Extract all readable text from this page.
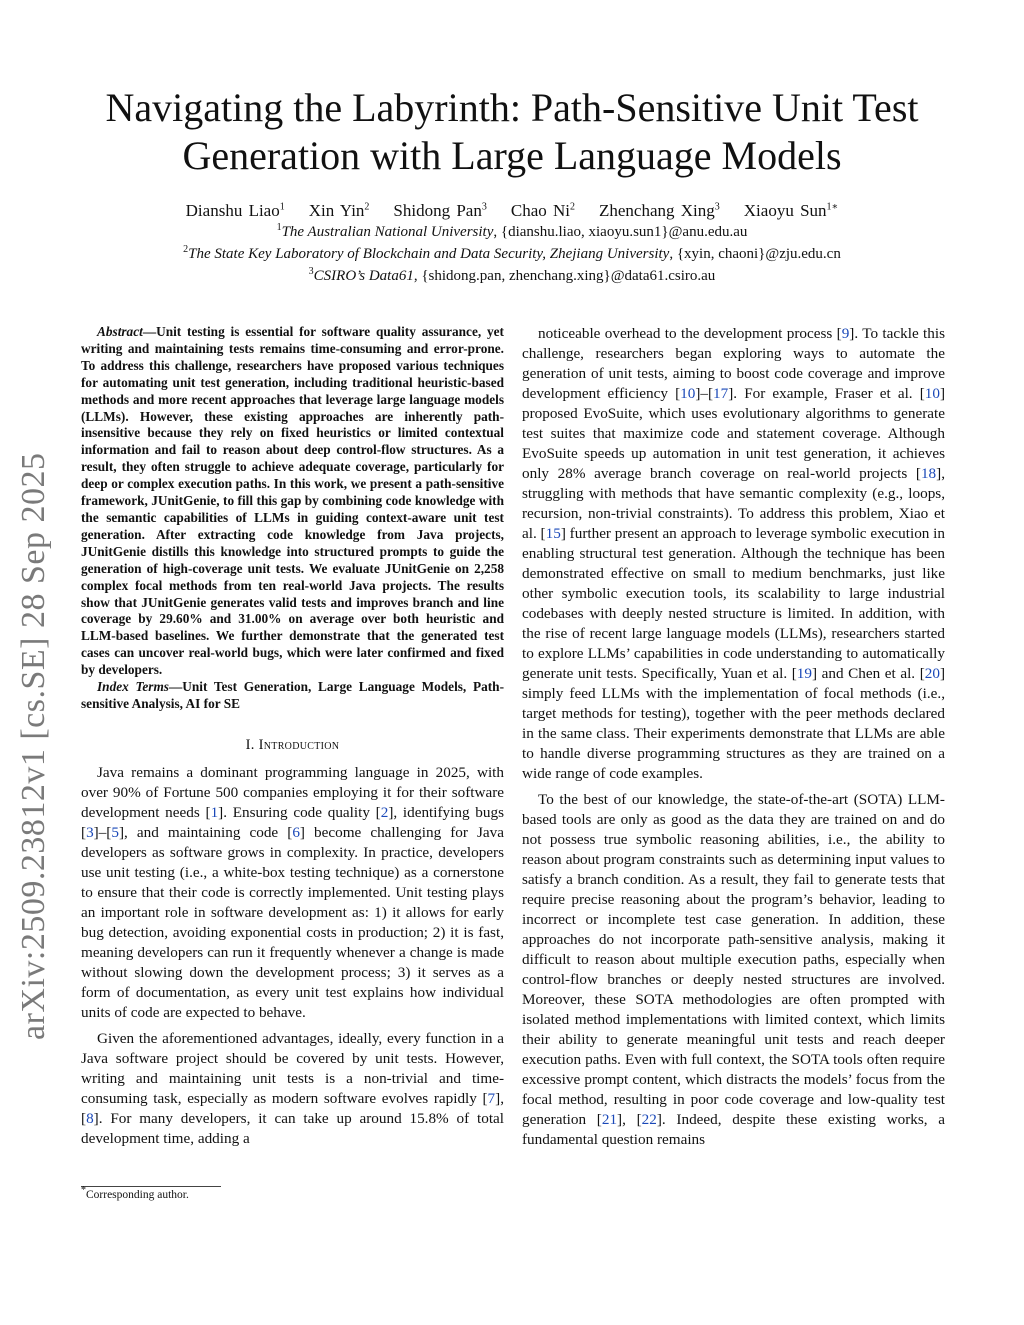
arXiv:2509.23812v1 [cs.SE] 28 Sep 2025
Navigating the Labyrinth: Path-Sensitive Unit Test Generation with Large Language Models
Dianshu Liao$^1$ Xin Yin$^2$ Shidong Pan$^3$ Chao Ni$^2$ Zhenchang Xing$^3$ Xiaoyu Sun$^{1∗}$
$^1$The Australian National University, {dianshu.liao, xiaoyu.sun1}@anu.edu.au
$^2$The State Key Laboratory of Blockchain and Data Security, Zhejiang University, {xyin, chaoni}@zju.edu.cn
$^3$CSIRO’s Data61, {shidong.pan, zhenchang.xing}@data61.csiro.au

Abstract—Unit testing is essential for software quality assurance, yet writing and maintaining tests remains time-consuming and error-prone. To address this challenge, researchers have proposed various techniques for automating unit test generation, including traditional heuristic-based methods and more recent approaches that leverage large language models (LLMs). However, these existing approaches are inherently path-insensitive because they rely on fixed heuristics or limited contextual information and fail to reason about deep control-flow structures. As a result, they often struggle to achieve adequate coverage, particularly for deep or complex execution paths. In this work, we present a path-sensitive framework, JUnitGenie, to fill this gap by combining code knowledge with the semantic capabilities of LLMs in guiding context-aware unit test generation. After extracting code knowledge from Java projects, JUnitGenie distills this knowledge into structured prompts to guide the generation of high-coverage unit tests. We evaluate JUnitGenie on 2,258 complex focal methods from ten real-world Java projects. The results show that JUnitGenie generates valid tests and improves branch and line coverage by 29.60% and 31.00% on average over both heuristic and LLM-based baselines. We further demonstrate that the generated test cases can uncover real-world bugs, which were later confirmed and fixed by developers.

Index Terms—Unit Test Generation, Large Language Models, Path-sensitive Analysis, AI for SE

I. Introduction

Java remains a dominant programming language in 2025, with over 90% of Fortune 500 companies employing it for their software development needs [1]. Ensuring code quality [2], identifying bugs [3]–[5], and maintaining code [6] become challenging for Java developers as software grows in complexity. In practice, developers use unit testing (i.e., a white-box testing technique) as a cornerstone to ensure that their code is correctly implemented. Unit testing plays an important role in software development as: 1) it allows for early bug detection, avoiding exponential costs in production; 2) it is fast, meaning developers can run it frequently whenever a change is made without slowing down the development process; 3) it serves as a form of documentation, as every unit test explains how individual units of code are expected to behave.

Given the aforementioned advantages, ideally, every function in a Java software project should be covered by unit tests. However, writing and maintaining unit tests is a non-trivial and time-consuming task, especially as modern software evolves rapidly [7], [8]. For many developers, it can take up around 15.8% of total development time, adding a

noticeable overhead to the development process [9]. To tackle this challenge, researchers began exploring ways to automate the generation of unit tests, aiming to boost code coverage and improve development efficiency [10]–[17]. For example, Fraser et al. [10] proposed EvoSuite, which uses evolutionary algorithms to generate test suites that maximize code and statement coverage. Although EvoSuite speeds up automation in unit test generation, it achieves only 28% average branch coverage on real-world projects [18], struggling with methods that have semantic complexity (e.g., loops, recursion, non-trivial constraints). To address this problem, Xiao et al. [15] further present an approach to leverage symbolic execution in enabling structural test generation. Although the technique has been demonstrated effective on small to medium benchmarks, just like other symbolic execution tools, its scalability to large industrial codebases with deeply nested structure is limited. In addition, with the rise of recent large language models (LLMs), researchers started to explore LLMs’ capabilities in code understanding to automatically generate unit tests. Specifically, Yuan et al. [19] and Chen et al. [20] simply feed LLMs with the implementation of focal methods (i.e., target methods for testing), together with the peer methods declared in the same class. Their experiments demonstrate that LLMs are able to handle diverse programming structures as they are trained on a wide range of code examples.

To the best of our knowledge, the state-of-the-art (SOTA) LLM-based tools are only as good as the data they are trained on and do not possess true symbolic reasoning abilities, i.e., the ability to reason about program constraints such as determining input values to satisfy a branch condition. As a result, they fail to generate tests that require precise reasoning about the program’s behavior, leading to incorrect or incomplete test case generation. In addition, these approaches do not incorporate path-sensitive analysis, making it difficult to reason about multiple execution paths, especially when control-flow branches or deeply nested structures are involved. Moreover, these SOTA methodologies are often prompted with isolated method implementations with limited context, which limits their ability to generate meaningful unit tests and reach deeper execution paths. Even with full context, the SOTA tools often require excessive prompt content, which distracts the models’ focus from the focal method, resulting in poor code coverage and low-quality test generation [21], [22]. Indeed, despite these existing works, a fundamental question remains

*Corresponding author.
